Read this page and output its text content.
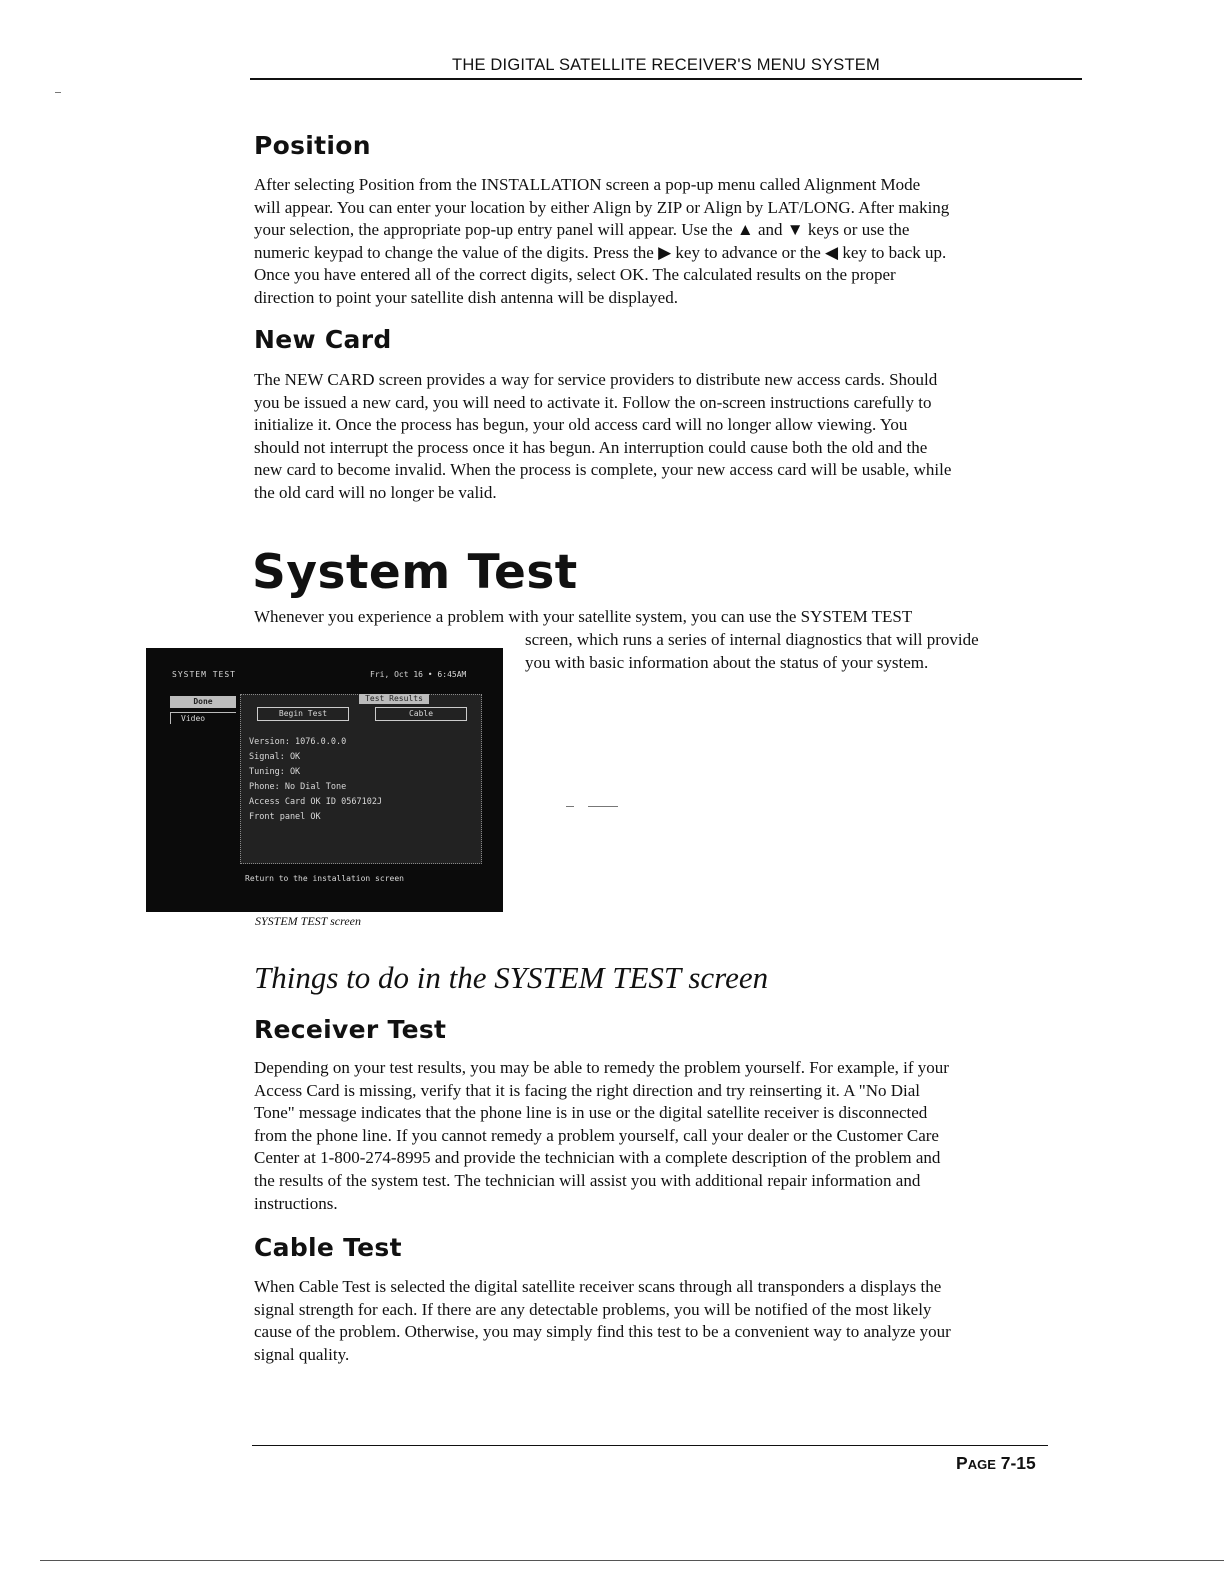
THE DIGITAL SATELLITE RECEIVER'S MENU SYSTEM
Position

After selecting Position from the INSTALLATION screen a pop-up menu called Alignment Mode

will appear. You can enter your location by either Align by ZIP or Align by LAT/LONG. After making

your selection, the appropriate pop-up entry panel will appear. Use the ▲ and ▼ keys or use the

numeric keypad to change the value of the digits. Press the ▶ key to advance or the ◀ key to back up.

Once you have entered all of the correct digits, select OK. The calculated results on the proper

direction to point your satellite dish antenna will be displayed.

New Card

The NEW CARD screen provides a way for service providers to distribute new access cards. Should

you be issued a new card, you will need to activate it. Follow the on-screen instructions carefully to

initialize it. Once the process has begun, your old access card will no longer allow viewing. You

should not interrupt the process once it has begun. An interruption could cause both the old and the

new card to become invalid. When the process is complete, your new access card will be usable, while

the old card will no longer be valid.

System Test
Whenever you experience a problem with your satellite system, you can use the SYSTEM TEST
screen, which runs a series of internal diagnostics that will provide
you with basic information about the status of your system.
SYSTEM TEST	Fri, Oct 16 • 6:45AM
Done
Video
Test Results
Begin Test	Cable
Version: 1076.0.0.0
Signal: OK
Tuning: OK
Phone: No Dial Tone
Access Card OK ID 0567102J
Front panel OK
Return to the installation screen
SYSTEM TEST screen
Things to do in the SYSTEM TEST screen
Receiver Test

Depending on your test results, you may be able to remedy the problem yourself. For example, if your

Access Card is missing, verify that it is facing the right direction and try reinserting it. A "No Dial

Tone" message indicates that the phone line is in use or the digital satellite receiver is disconnected

from the phone line. If you cannot remedy a problem yourself, call your dealer or the Customer Care

Center at 1-800-274-8995 and provide the technician with a complete description of the problem and

the results of the system test. The technician will assist you with additional repair information and

instructions.

Cable Test

When Cable Test is selected the digital satellite receiver scans through all transponders a displays the

signal strength for each. If there are any detectable problems, you will be notified of the most likely

cause of the problem. Otherwise, you may simply find this test to be a convenient way to analyze your

signal quality.

PAGE 7-15
